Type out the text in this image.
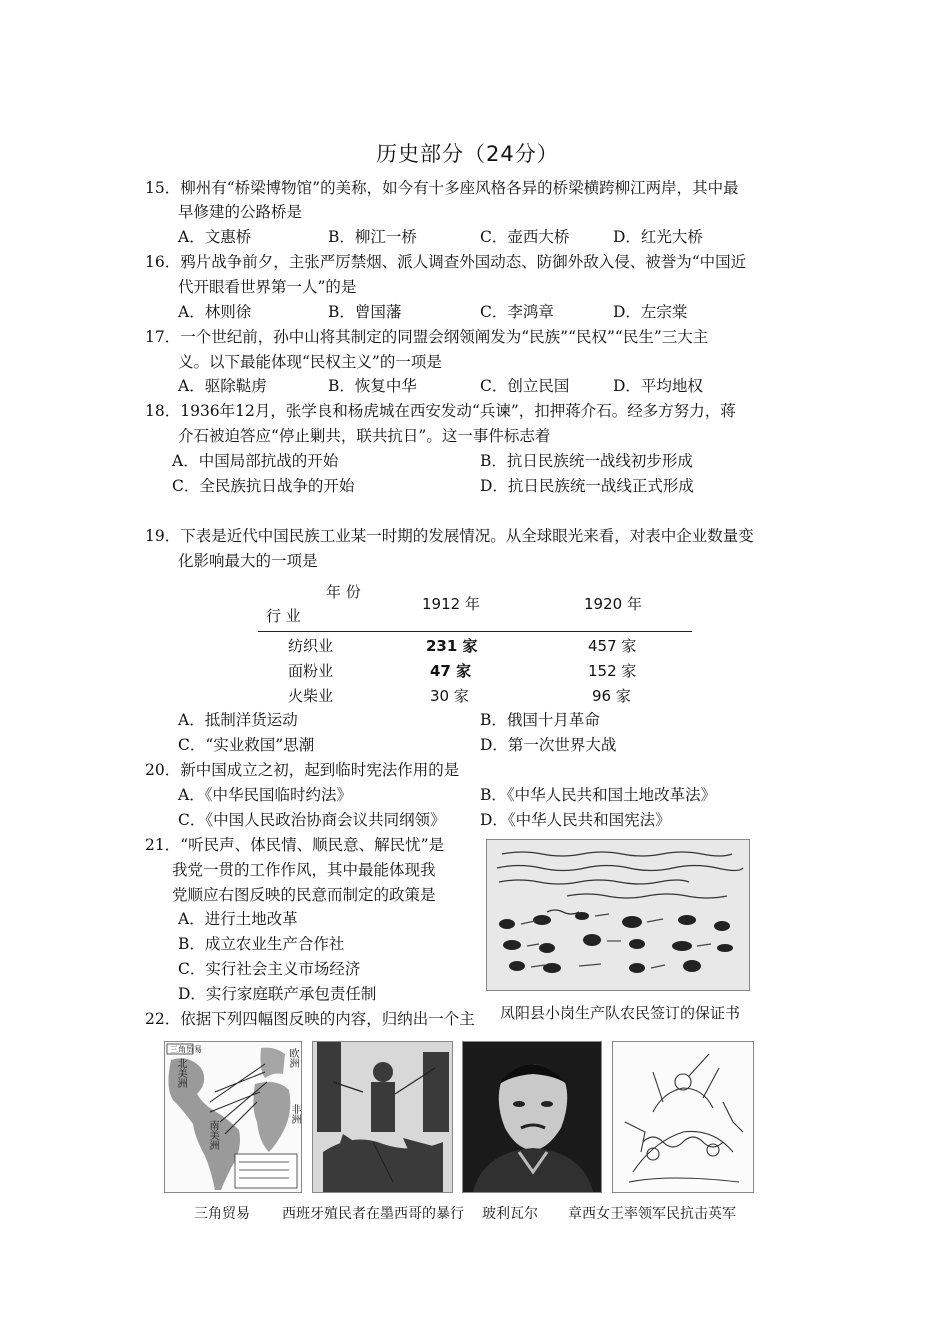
历史部分（24分）
15．柳州有“桥梁博物馆”的美称，如今有十多座风格各异的桥梁横跨柳江两岸，其中最
早修建的公路桥是
A．文惠桥	B．柳江一桥	C．壶西大桥	D．红光大桥
16．鸦片战争前夕，主张严厉禁烟、派人调查外国动态、防御外敌入侵、被誉为“中国近
代开眼看世界第一人”的是
A．林则徐	B．曾国藩	C．李鸿章	D．左宗棠
17．一个世纪前，孙中山将其制定的同盟会纲领阐发为“民族”“民权”“民生”三大主
义。以下最能体现“民权主义”的一项是
A．驱除鞑虏	B．恢复中华	C．创立民国	D．平均地权
18．1936年12月，张学良和杨虎城在西安发动“兵谏”，扣押蒋介石。经多方努力，蒋
介石被迫答应“停止剿共，联共抗日”。这一事件标志着
A．中国局部抗战的开始	B．抗日民族统一战线初步形成
C．全民族抗日战争的开始	D．抗日民族统一战线正式形成
19．下表是近代中国民族工业某一时期的发展情况。从全球眼光来看，对表中企业数量变
化影响最大的一项是
年 份
行 业
1912 年	1920 年
纺织业	231 家	457 家
面粉业	47 家	152 家
火柴业	30 家	96 家
A．抵制洋货运动	B．俄国十月革命
C．“实业救国”思潮	D．第一次世界大战
20．新中国成立之初，起到临时宪法作用的是
A．《中华民国临时约法》	B．《中华人民共和国土地改革法》
C．《中国人民政治协商会议共同纲领》 D．《中华人民共和国宪法》
21．“听民声、体民情、顺民意、解民忧”是
我党一贯的工作作风，其中最能体现我
党顺应右图反映的民意而制定的政策是
A．进行土地改革
B．成立农业生产合作社
C．实行社会主义市场经济
D．实行家庭联产承包责任制
凤阳县小岗生产队农民签订的保证书
22．依据下列四幅图反映的内容，归纳出一个主
三角贸易
北美洲	欧洲
非洲
南美洲
三角贸易 西班牙殖民者在墨西哥的暴行 玻利瓦尔 章西女王率领军民抗击英军
